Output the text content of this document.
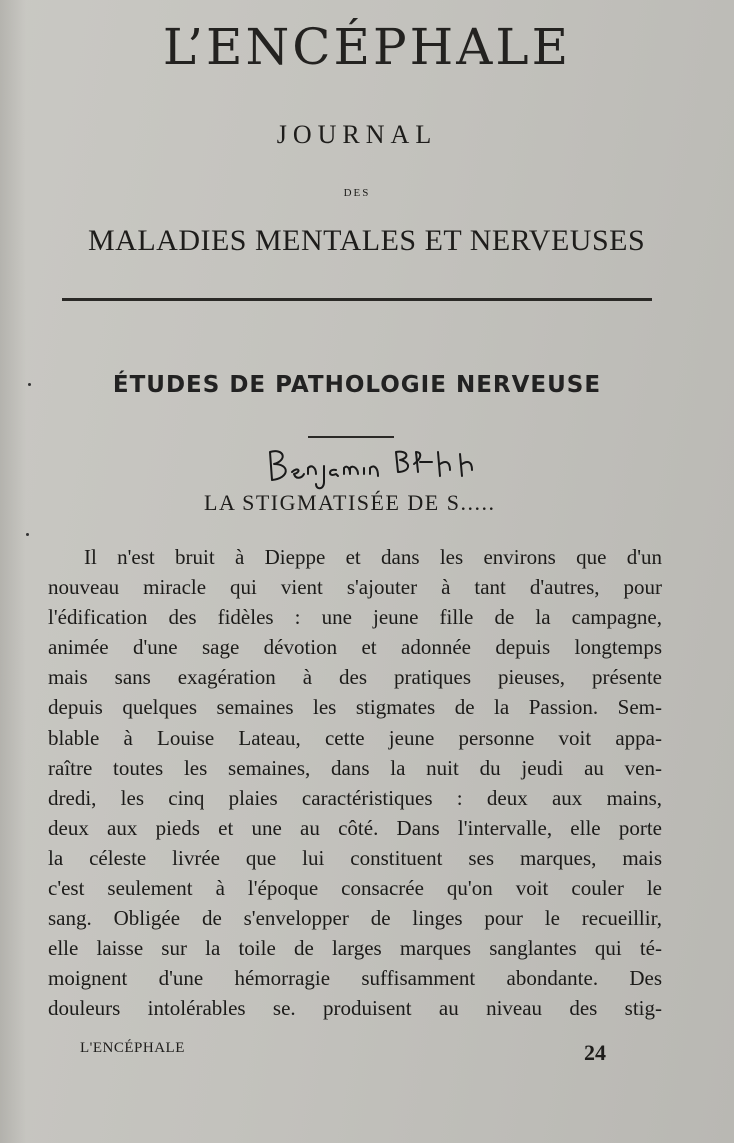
L’ENCÉPHALE
JOURNAL
DES
MALADIES MENTALES ET NERVEUSES
ÉTUDES DE PATHOLOGIE NERVEUSE
LA STIGMATISÉE DE S.....
Il n'est bruit à Dieppe et dans les environs que d'un
nouveau miracle qui vient s'ajouter à tant d'autres, pour
l'édification des fidèles : une jeune fille de la campagne,
animée d'une sage dévotion et adonnée depuis longtemps
mais sans exagération à des pratiques pieuses, présente
depuis quelques semaines les stigmates de la Passion. Sem-
blable à Louise Lateau, cette jeune personne voit appa-
raître toutes les semaines, dans la nuit du jeudi au ven-
dredi, les cinq plaies caractéristiques : deux aux mains,
deux aux pieds et une au côté. Dans l'intervalle, elle porte
la céleste livrée que lui constituent ses marques, mais
c'est seulement à l'époque consacrée qu'on voit couler le
sang. Obligée de s'envelopper de linges pour le recueillir,
elle laisse sur la toile de larges marques sanglantes qui té-
moignent d'une hémorragie suffisamment abondante. Des
douleurs intolérables se. produisent au niveau des stig-
L'ENCÉPHALE	24
